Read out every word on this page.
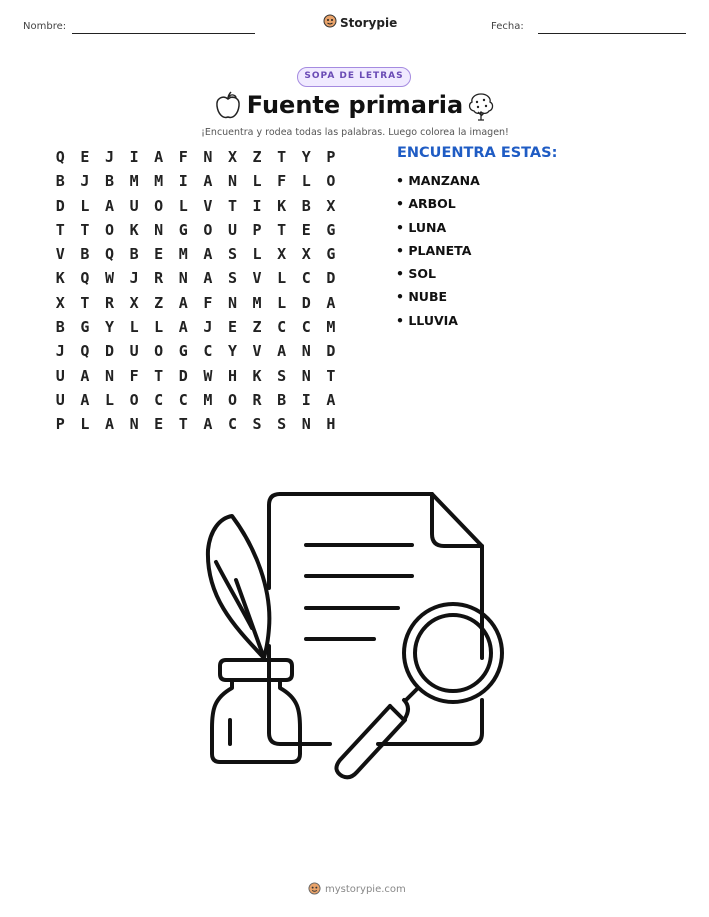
Nombre:	Storypie	Fecha:
SOPA DE LETRAS
Fuente primaria
¡Encuentra y rodea todas las palabras. Luego colorea la imagen!
Q	E	J	I	A	F	N	X	Z	T	Y	P
B	J	B	M	M	I	A	N	L	F	L	O
D	L	A	U	O	L	V	T	I	K	B	X
T	T	O	K	N	G	O	U	P	T	E	G
V	B	Q	B	E	M	A	S	L	X	X	G
K	Q	W	J	R	N	A	S	V	L	C	D
X	T	R	X	Z	A	F	N	M	L	D	A
B	G	Y	L	L	A	J	E	Z	C	C	M
J	Q	D	U	O	G	C	Y	V	A	N	D
U	A	N	F	T	D	W	H	K	S	N	T
U	A	L	O	C	C	M	O	R	B	I	A
P	L	A	N	E	T	A	C	S	S	N	H
ENCUENTRA ESTAS:
• MANZANA
• ARBOL
• LUNA
• PLANETA
• SOL
• NUBE
• LLUVIA
mystorypie.com
